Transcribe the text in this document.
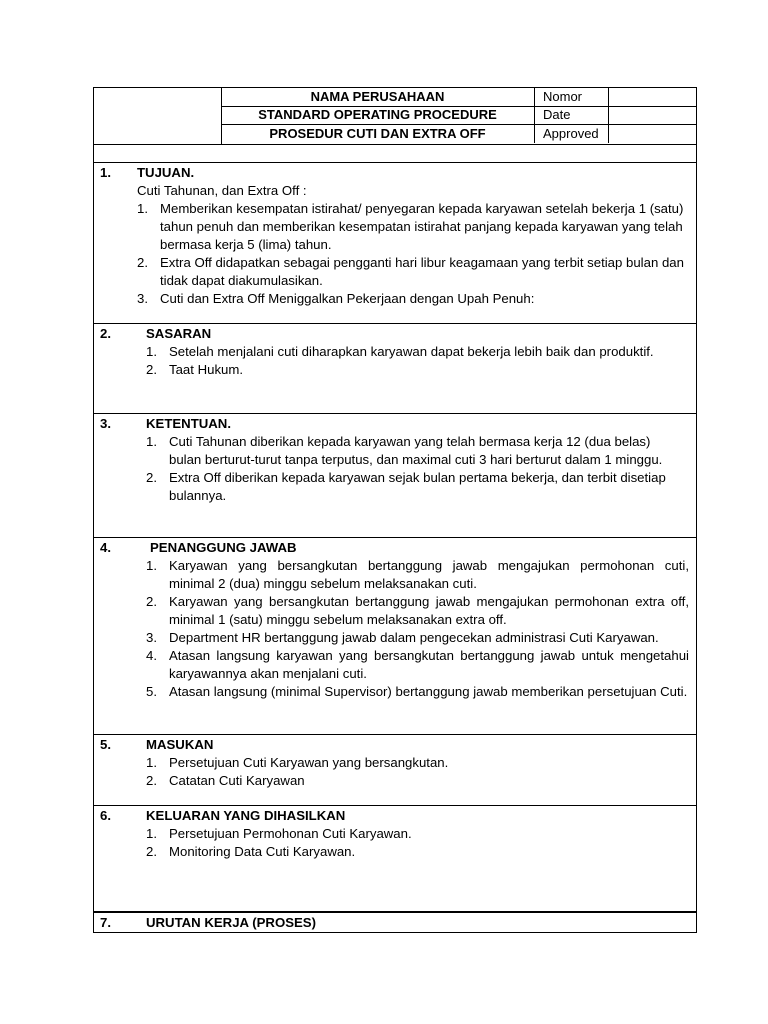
NAMA PERUSAHAAN	Nomor
STANDARD OPERATING PROCEDURE	Date
PROSEDUR CUTI DAN EXTRA OFF	Approved
1. TUJUAN.
Cuti Tahunan, dan Extra Off :
1. Memberikan kesempatan istirahat/ penyegaran kepada karyawan setelah bekerja 1 (satu) tahun penuh dan memberikan kesempatan istirahat panjang kepada karyawan yang telah bermasa kerja 5 (lima) tahun.
2. Extra Off didapatkan sebagai pengganti hari libur keagamaan yang terbit setiap bulan dan tidak dapat diakumulasikan.
3. Cuti dan Extra Off Meniggalkan Pekerjaan dengan Upah Penuh:
2.	SASARAN
1. Setelah menjalani cuti diharapkan karyawan dapat bekerja lebih baik dan produktif.
2. Taat Hukum.
3.	KETENTUAN.
1. Cuti Tahunan diberikan kepada karyawan yang telah bermasa kerja 12 (dua belas) bulan berturut-turut tanpa terputus, dan maximal cuti 3 hari berturut dalam 1 minggu.
2. Extra Off diberikan kepada karyawan sejak bulan pertama bekerja, dan terbit disetiap bulannya.
4.	PENANGGUNG JAWAB
1. Karyawan yang bersangkutan bertanggung jawab mengajukan permohonan cuti, minimal 2 (dua) minggu sebelum melaksanakan cuti.
2. Karyawan yang bersangkutan bertanggung jawab mengajukan permohonan extra off, minimal 1 (satu) minggu sebelum melaksanakan extra off.
3. Department HR bertanggung jawab dalam pengecekan administrasi Cuti Karyawan.
4. Atasan langsung karyawan yang bersangkutan bertanggung jawab untuk mengetahui karyawannya akan menjalani cuti.
5. Atasan langsung (minimal Supervisor) bertanggung jawab memberikan persetujuan Cuti.
5.	MASUKAN
1. Persetujuan Cuti Karyawan yang bersangkutan.
2. Catatan Cuti Karyawan
6.	KELUARAN YANG DIHASILKAN
1. Persetujuan Permohonan Cuti Karyawan.
2. Monitoring Data Cuti Karyawan.
7.	URUTAN KERJA (PROSES)
